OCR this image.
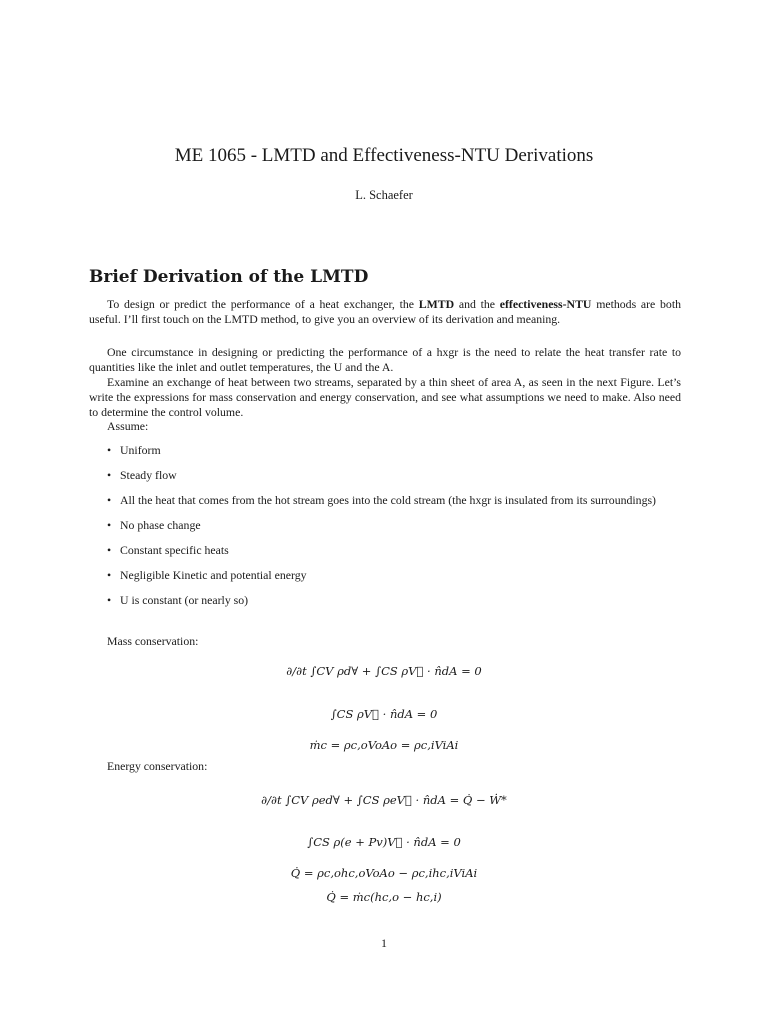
ME 1065 - LMTD and Effectiveness-NTU Derivations
L. Schaefer
Brief Derivation of the LMTD

To design or predict the performance of a heat exchanger, the LMTD and the effectiveness-NTU methods are both useful. I’ll first touch on the LMTD method, to give you an overview of its derivation and meaning.

One circumstance in designing or predicting the performance of a hxgr is the need to relate the heat transfer rate to quantities like the inlet and outlet temperatures, the U and the A.

Examine an exchange of heat between two streams, separated by a thin sheet of area A, as seen in the next Figure. Let’s write the expressions for mass conservation and energy conservation, and see what assumptions we need to make. Also need to determine the control volume.

Assume:
• Uniform
• Steady flow
• All the heat that comes from the hot stream goes into the cold stream (the hxgr is insulated from its surroundings)
• No phase change
• Constant specific heats
• Negligible Kinetic and potential energy
• U is constant (or nearly so)
Mass conservation:
∂/∂t ∫CV ρd∀ + ∫CS ρV⃗ · n̂dA = 0
∫CS ρV⃗ · n̂dA = 0
ṁc = ρc,oVoAo = ρc,iViAi
Energy conservation:
∂/∂t ∫CV ρed∀ + ∫CS ρeV⃗ · n̂dA = Q̇ − Ẇ*
∫CS ρ(e + Pv)V⃗ · n̂dA = 0
Q̇ = ρc,ohc,oVoAo − ρc,ihc,iViAi
Q̇ = ṁc(hc,o − hc,i)
1
